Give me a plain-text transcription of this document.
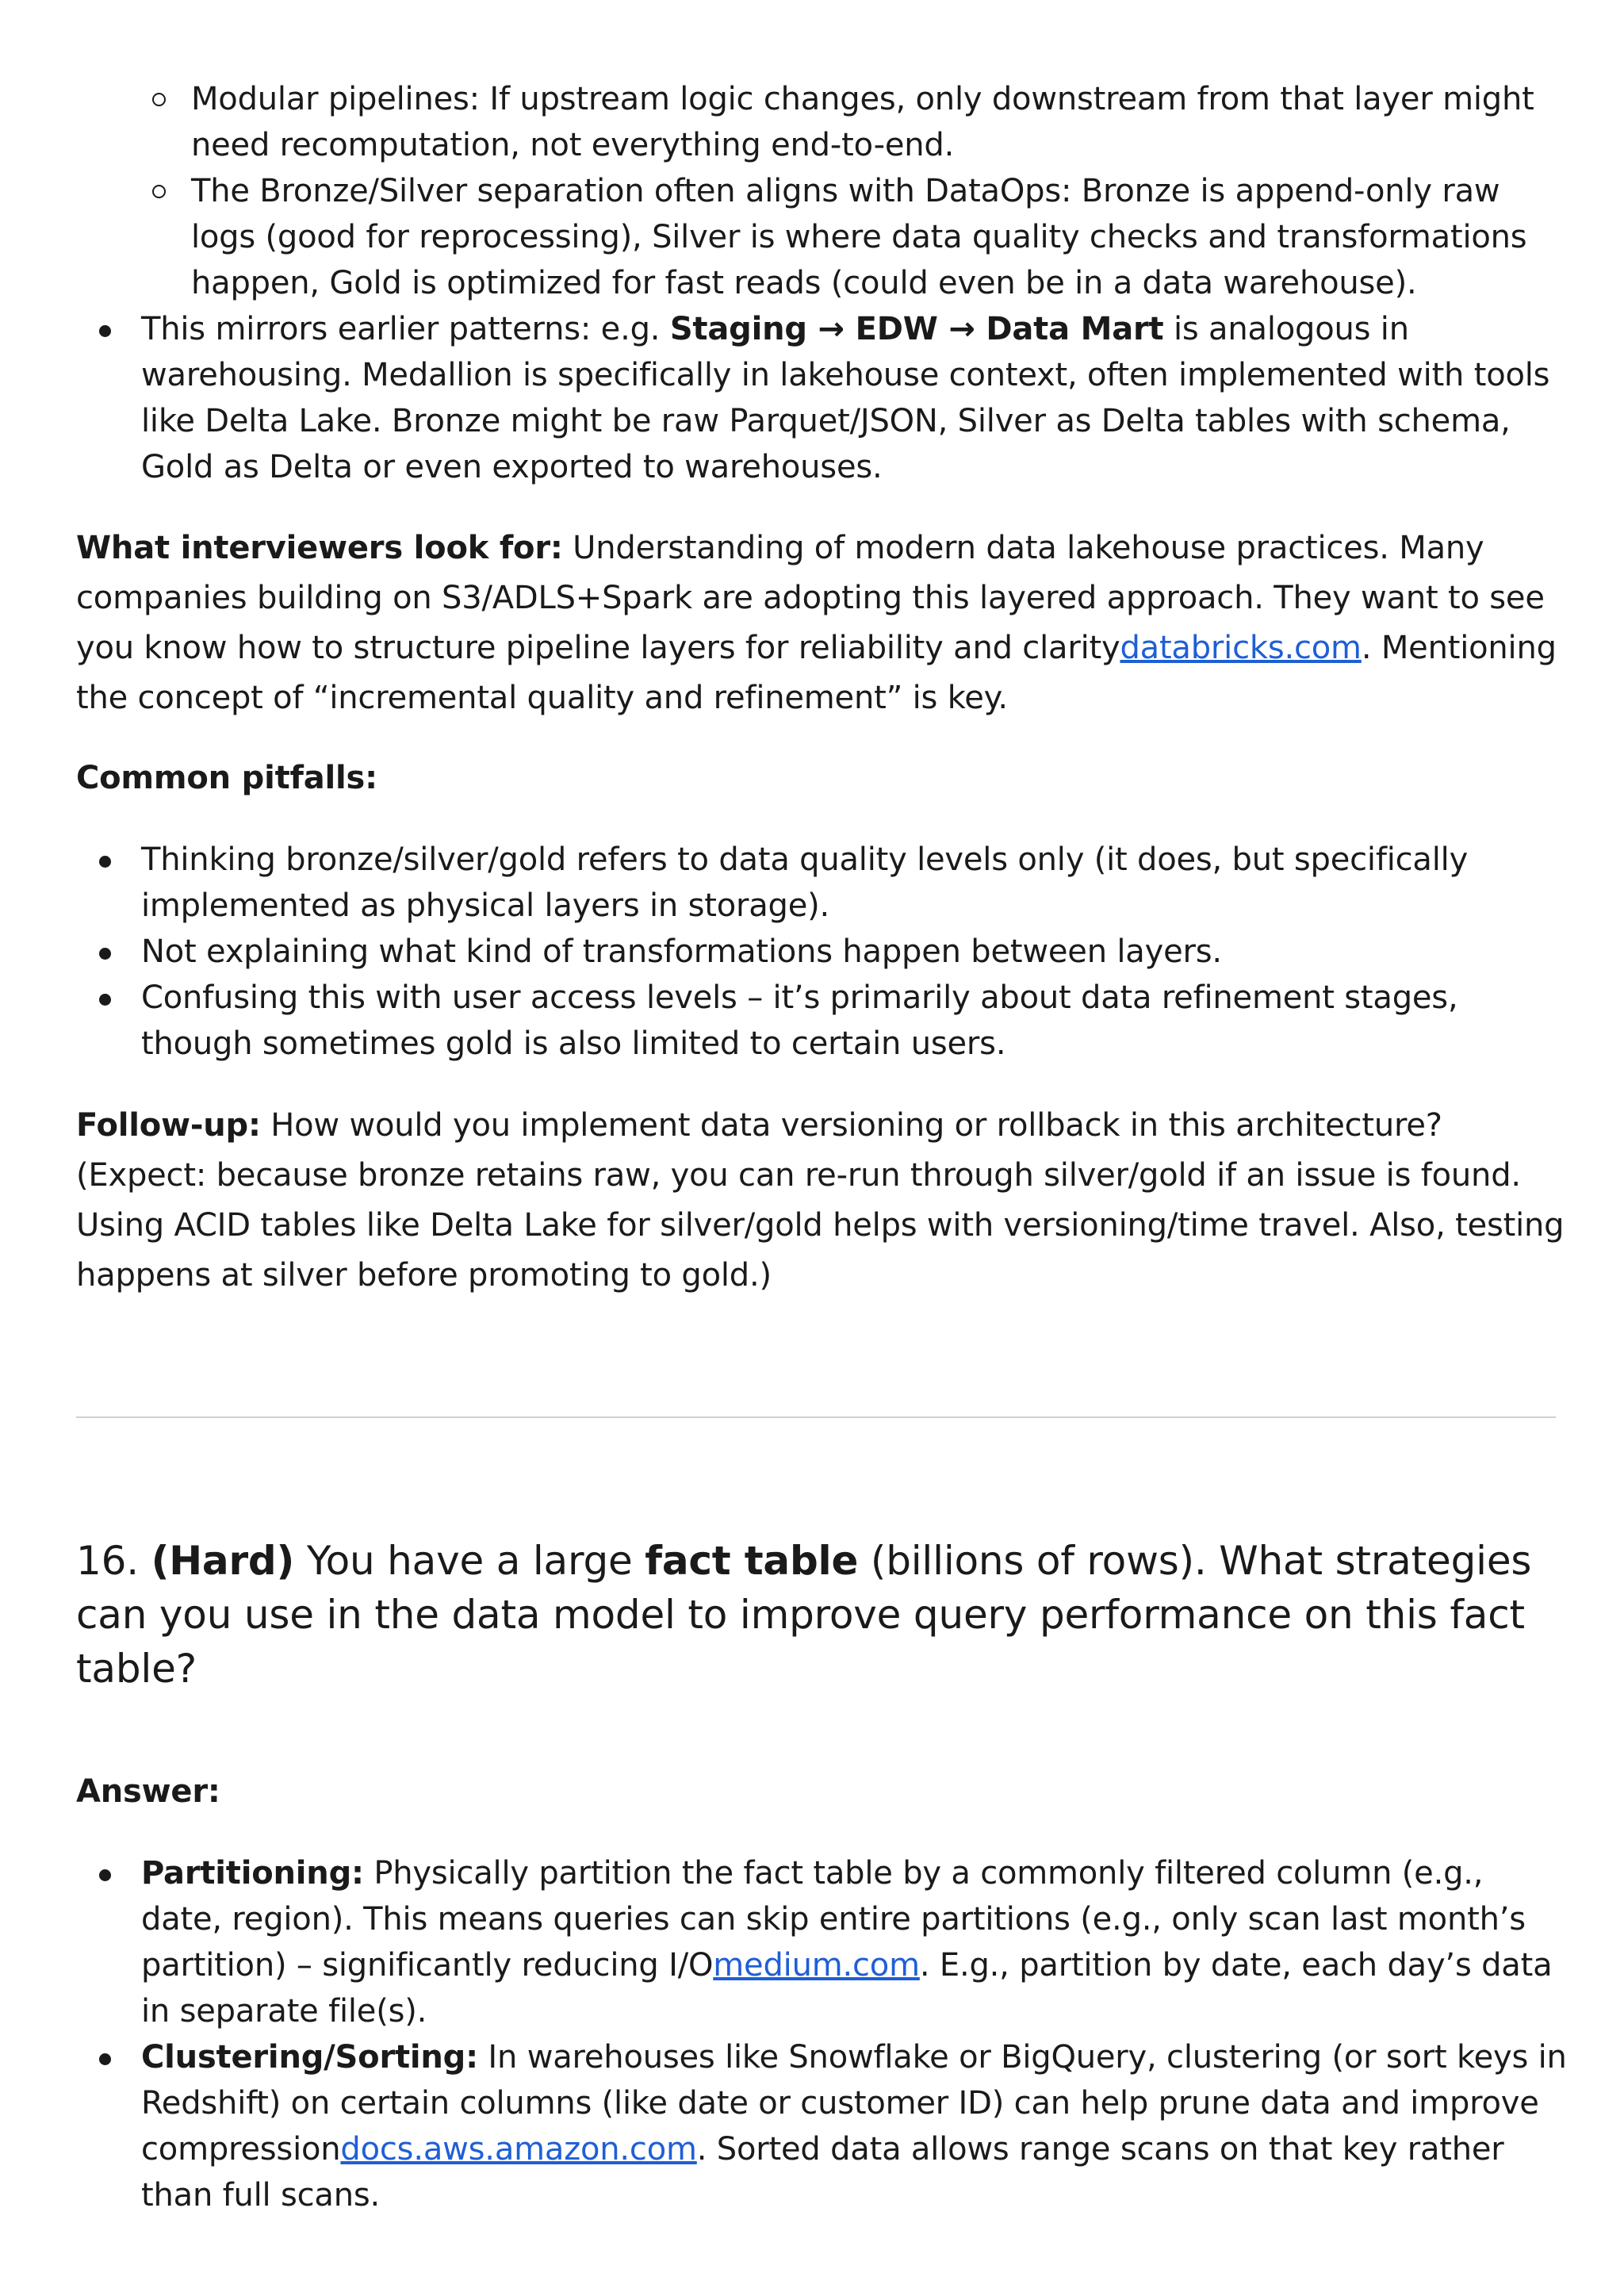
Modular pipelines: If upstream logic changes, only downstream from that layer might need recomputation, not everything end-to-end.
The Bronze/Silver separation often aligns with DataOps: Bronze is append-only raw logs (good for reprocessing), Silver is where data quality checks and transformations happen, Gold is optimized for fast reads (could even be in a data warehouse).
This mirrors earlier patterns: e.g. Staging → EDW → Data Mart is analogous in warehousing. Medallion is specifically in lakehouse context, often implemented with tools like Delta Lake. Bronze might be raw Parquet/JSON, Silver as Delta tables with schema, Gold as Delta or even exported to warehouses.
What interviewers look for: Understanding of modern data lakehouse practices. Many companies building on S3/ADLS+Spark are adopting this layered approach. They want to see you know how to structure pipeline layers for reliability and claritydatabricks.com. Mentioning the concept of “incremental quality and refinement” is key.
Common pitfalls:
Thinking bronze/silver/gold refers to data quality levels only (it does, but specifically implemented as physical layers in storage).
Not explaining what kind of transformations happen between layers.
Confusing this with user access levels – it’s primarily about data refinement stages, though sometimes gold is also limited to certain users.
Follow-up: How would you implement data versioning or rollback in this architecture? (Expect: because bronze retains raw, you can re-run through silver/gold if an issue is found. Using ACID tables like Delta Lake for silver/gold helps with versioning/time travel. Also, testing happens at silver before promoting to gold.)
16. (Hard) You have a large fact table (billions of rows). What strategies can you use in the data model to improve query performance on this fact table?
Answer:
Partitioning: Physically partition the fact table by a commonly filtered column (e.g., date, region). This means queries can skip entire partitions (e.g., only scan last month’s partition) – significantly reducing I/Omedium.com. E.g., partition by date, each day’s data in separate file(s).
Clustering/Sorting: In warehouses like Snowflake or BigQuery, clustering (or sort keys in Redshift) on certain columns (like date or customer ID) can help prune data and improve compressiondocs.aws.amazon.com. Sorted data allows range scans on that key rather than full scans.
